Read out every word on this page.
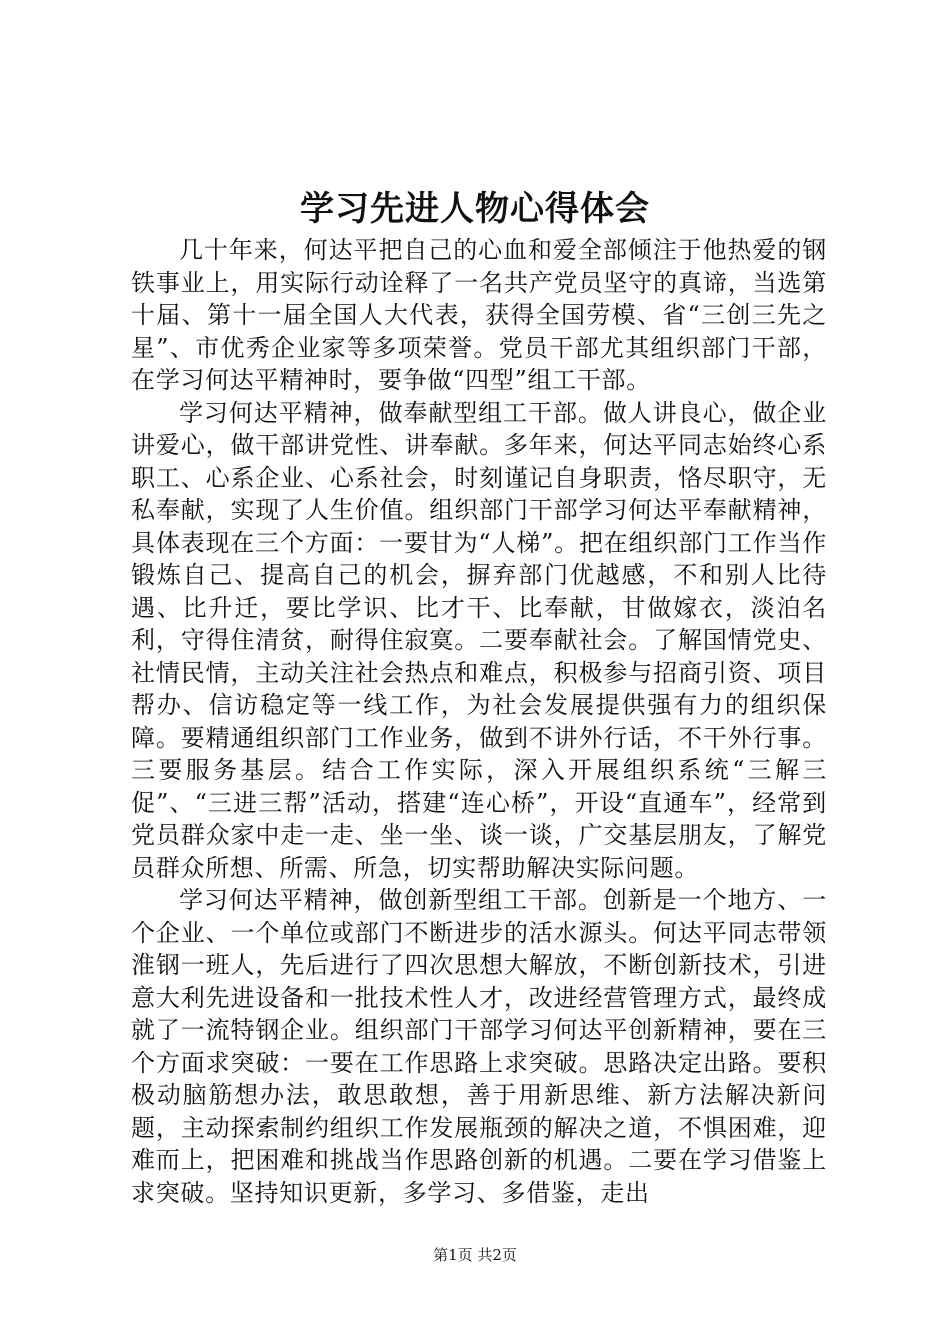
学习先进人物心得体会

几十年来，何达平把自己的心血和爱全部倾注于他热爱的钢铁事业上，用实际行动诠释了一名共产党员坚守的真谛，当选第十届、第十一届全国人大代表，获得全国劳模、省“三创三先之星”、市优秀企业家等多项荣誉。党员干部尤其组织部门干部，在学习何达平精神时，要争做“四型”组工干部。

学习何达平精神，做奉献型组工干部。做人讲良心，做企业讲爱心，做干部讲党性、讲奉献。多年来，何达平同志始终心系职工、心系企业、心系社会，时刻谨记自身职责，恪尽职守，无私奉献，实现了人生价值。组织部门干部学习何达平奉献精神，具体表现在三个方面：一要甘为“人梯”。把在组织部门工作当作锻炼自己、提高自己的机会，摒弃部门优越感，不和别人比待遇、比升迁，要比学识、比才干、比奉献，甘做嫁衣，淡泊名利，守得住清贫，耐得住寂寞。二要奉献社会。了解国情党史、社情民情，主动关注社会热点和难点，积极参与招商引资、项目帮办、信访稳定等一线工作，为社会发展提供强有力的组织保障。要精通组织部门工作业务，做到不讲外行话，不干外行事。三要服务基层。结合工作实际，深入开展组织系统“三解三促”、“三进三帮”活动，搭建“连心桥”，开设“直通车”，经常到党员群众家中走一走、坐一坐、谈一谈，广交基层朋友，了解党员群众所想、所需、所急，切实帮助解决实际问题。

学习何达平精神，做创新型组工干部。创新是一个地方、一个企业、一个单位或部门不断进步的活水源头。何达平同志带领淮钢一班人，先后进行了四次思想大解放，不断创新技术，引进意大利先进设备和一批技术性人才，改进经营管理方式，最终成就了一流特钢企业。组织部门干部学习何达平创新精神，要在三个方面求突破：一要在工作思路上求突破。思路决定出路。要积极动脑筋想办法，敢思敢想，善于用新思维、新方法解决新问题，主动探索制约组织工作发展瓶颈的解决之道，不惧困难，迎难而上，把困难和挑战当作思路创新的机遇。二要在学习借鉴上求突破。坚持知识更新，多学习、多借鉴，走出

第1页 共2页
